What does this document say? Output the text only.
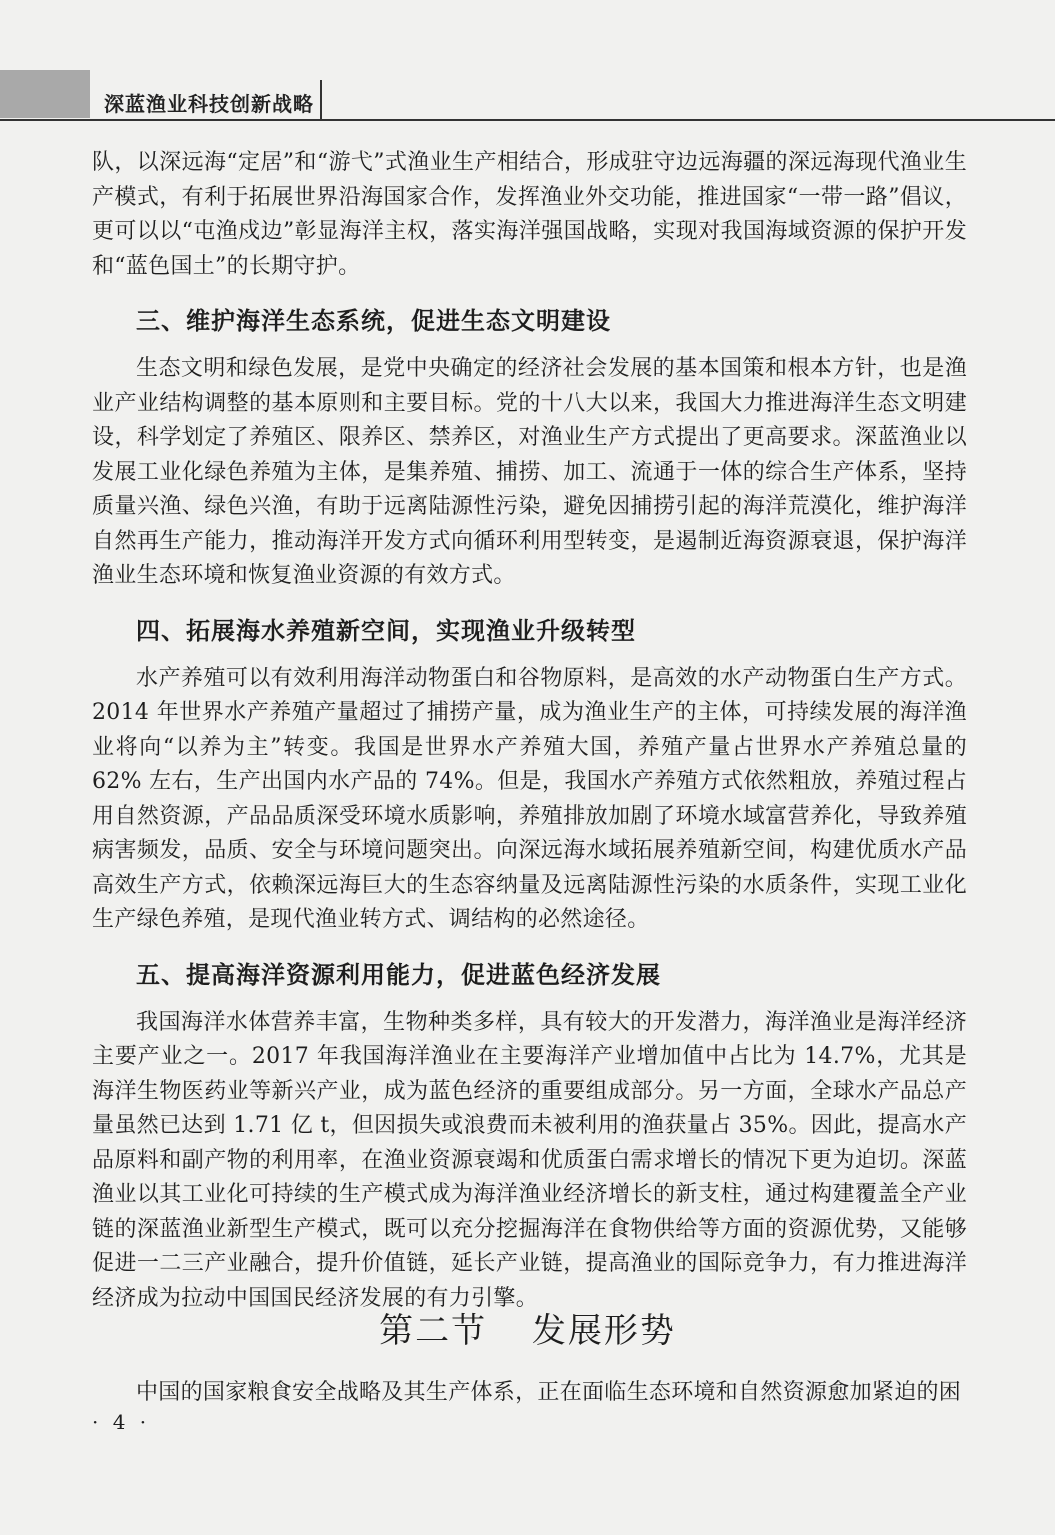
深蓝渔业科技创新战略

队，以深远海“定居”和“游弋”式渔业生产相结合，形成驻守边远海疆的深远海现代渔业生产模式，有利于拓展世界沿海国家合作，发挥渔业外交功能，推进国家“一带一路”倡议，更可以以“屯渔戍边”彰显海洋主权，落实海洋强国战略，实现对我国海域资源的保护开发和“蓝色国土”的长期守护。

三、维护海洋生态系统，促进生态文明建设

生态文明和绿色发展，是党中央确定的经济社会发展的基本国策和根本方针，也是渔业产业结构调整的基本原则和主要目标。党的十八大以来，我国大力推进海洋生态文明建设，科学划定了养殖区、限养区、禁养区，对渔业生产方式提出了更高要求。深蓝渔业以发展工业化绿色养殖为主体，是集养殖、捕捞、加工、流通于一体的综合生产体系，坚持质量兴渔、绿色兴渔，有助于远离陆源性污染，避免因捕捞引起的海洋荒漠化，维护海洋自然再生产能力，推动海洋开发方式向循环利用型转变，是遏制近海资源衰退，保护海洋渔业生态环境和恢复渔业资源的有效方式。

四、拓展海水养殖新空间，实现渔业升级转型

水产养殖可以有效利用海洋动物蛋白和谷物原料，是高效的水产动物蛋白生产方式。2014 年世界水产养殖产量超过了捕捞产量，成为渔业生产的主体，可持续发展的海洋渔业将向“以养为主”转变。我国是世界水产养殖大国，养殖产量占世界水产养殖总量的 62% 左右，生产出国内水产品的 74%。但是，我国水产养殖方式依然粗放，养殖过程占用自然资源，产品品质深受环境水质影响，养殖排放加剧了环境水域富营养化，导致养殖病害频发，品质、安全与环境问题突出。向深远海水域拓展养殖新空间，构建优质水产品高效生产方式，依赖深远海巨大的生态容纳量及远离陆源性污染的水质条件，实现工业化生产绿色养殖，是现代渔业转方式、调结构的必然途径。

五、提高海洋资源利用能力，促进蓝色经济发展

我国海洋水体营养丰富，生物种类多样，具有较大的开发潜力，海洋渔业是海洋经济主要产业之一。2017 年我国海洋渔业在主要海洋产业增加值中占比为 14.7%，尤其是海洋生物医药业等新兴产业，成为蓝色经济的重要组成部分。另一方面，全球水产品总产量虽然已达到 1.71 亿 t，但因损失或浪费而未被利用的渔获量占 35%。因此，提高水产品原料和副产物的利用率，在渔业资源衰竭和优质蛋白需求增长的情况下更为迫切。深蓝渔业以其工业化可持续的生产模式成为海洋渔业经济增长的新支柱，通过构建覆盖全产业链的深蓝渔业新型生产模式，既可以充分挖掘海洋在食物供给等方面的资源优势，又能够促进一二三产业融合，提升价值链，延长产业链，提高渔业的国际竞争力，有力推进海洋经济成为拉动中国国民经济发展的有力引擎。

第二节 发展形势

中国的国家粮食安全战略及其生产体系，正在面临生态环境和自然资源愈加紧迫的困

· 4 ·
